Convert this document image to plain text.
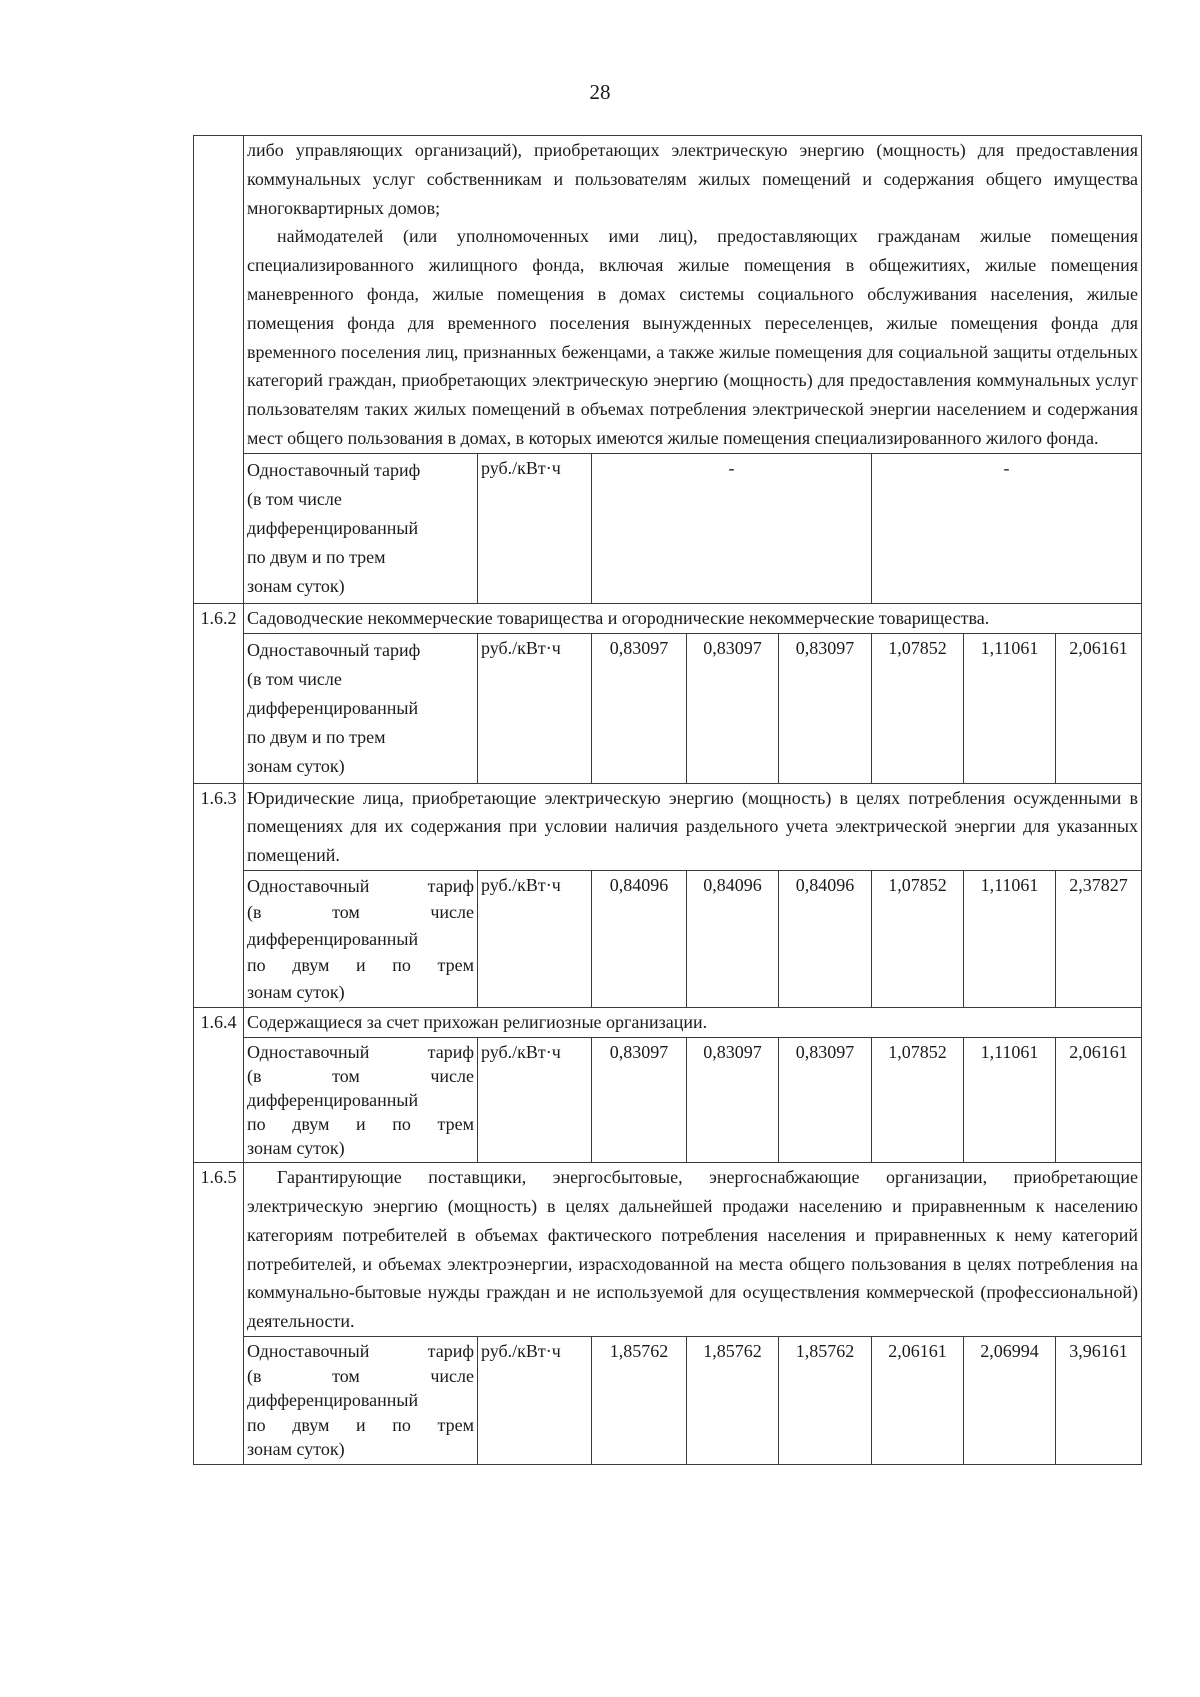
28

	либо управляющих организаций), приобретающих электрическую энергию (мощность) для предоставления коммунальных услуг собственникам и пользователям жилых помещений и содержания общего имущества многоквартирных домов;

наймодателей (или уполномоченных ими лиц), предоставляющих гражданам жилые помещения специализированного жилищного фонда, включая жилые помещения в общежитиях, жилые помещения маневренного фонда, жилые помещения в домах системы социального обслуживания населения, жилые помещения фонда для временного поселения вынужденных переселенцев, жилые помещения фонда для временного поселения лиц, признанных беженцами, а также жилые помещения для социальной защиты отдельных категорий граждан, приобретающих электрическую энергию (мощность) для предоставления коммунальных услуг пользователям таких жилых помещений в объемах потребления электрической энергии населением и содержания мест общего пользования в домах, в которых имеются жилые помещения специализированного жилого фонда.							

	Одноставочный тариф
(в том числе
дифференцированный
по двум и по трем
зонам суток)	руб./кВт·ч	-			-		
1.6.2	Садоводческие некоммерческие товарищества и огороднические некоммерческие товарищества.							

	Одноставочный тариф
(в том числе
дифференцированный
по двум и по трем
зонам суток)	руб./кВт·ч	0,83097	0,83097	0,83097	1,07852	1,11061	2,06161
1.6.3	Юридические лица, приобретающие электрическую энергию (мощность) в целях потребления осужденными в помещениях для их содержания при условии наличия раздельного учета электрической энергии для указанных помещений.							

	Одноставочный тариф
(в том числе
дифференцированный
по двум и по трем
зонам суток)	руб./кВт·ч	0,84096	0,84096	0,84096	1,07852	1,11061	2,37827
1.6.4	Содержащиеся за счет прихожан религиозные организации.							

	Одноставочный тариф
(в том числе
дифференцированный
по двум и по трем
зонам суток)	руб./кВт·ч	0,83097	0,83097	0,83097	1,07852	1,11061	2,06161
1.6.5	Гарантирующие поставщики, энергосбытовые, энергоснабжающие организации, приобретающие электрическую энергию (мощность) в целях дальнейшей продажи населению и приравненным к населению категориям потребителей в объемах фактического потребления населения и приравненных к нему категорий потребителей, и объемах электроэнергии, израсходованной на места общего пользования в целях потребления на коммунально-бытовые нужды граждан и не используемой для осуществления коммерческой (профессиональной) деятельности.							

	Одноставочный тариф
(в том числе
дифференцированный
по двум и по трем
зонам суток)	руб./кВт·ч	1,85762	1,85762	1,85762	2,06161	2,06994	3,96161
